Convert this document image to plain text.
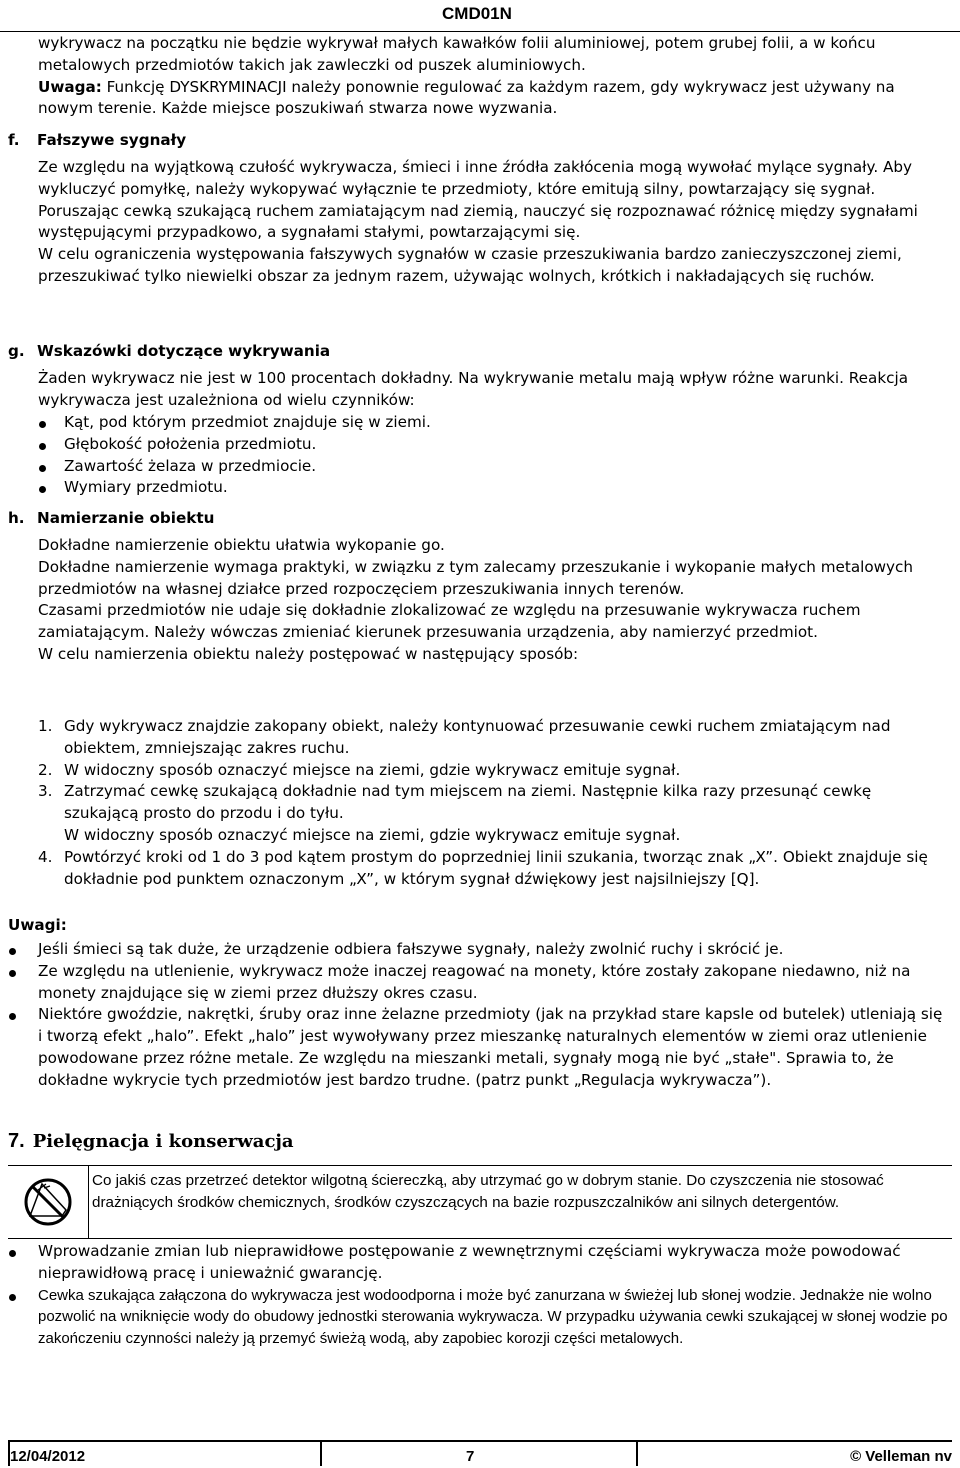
CMD01N

wykrywacz na początku nie będzie wykrywał małych kawałków folii aluminiowej, potem grubej folii, a w końcu metalowych przedmiotów takich jak zawleczki od puszek aluminiowych.

Uwaga: Funkcję DYSKRYMINACJI należy ponownie regulować za każdym razem, gdy wykrywacz jest używany na nowym terenie. Każde miejsce poszukiwań stwarza nowe wyzwania.

f. Fałszywe sygnały

Ze względu na wyjątkową czułość wykrywacza, śmieci i inne źródła zakłócenia mogą wywołać mylące sygnały. Aby wykluczyć pomyłkę, należy wykopywać wyłącznie te przedmioty, które emitują silny, powtarzający się sygnał. Poruszając cewką szukającą ruchem zamiatającym nad ziemią, nauczyć się rozpoznawać różnicę między sygnałami występującymi przypadkowo, a sygnałami stałymi, powtarzającymi się.

W celu ograniczenia występowania fałszywych sygnałów w czasie przeszukiwania bardzo zanieczyszczonej ziemi, przeszukiwać tylko niewielki obszar za jednym razem, używając wolnych, krótkich i nakładających się ruchów.

g. Wskazówki dotyczące wykrywania

Żaden wykrywacz nie jest w 100 procentach dokładny. Na wykrywanie metalu mają wpływ różne warunki. Reakcja wykrywacza jest uzależniona od wielu czynników:

Kąt, pod którym przedmiot znajduje się w ziemi.
Głębokość położenia przedmiotu.
Zawartość żelaza w przedmiocie.
Wymiary przedmiotu.
h. Namierzanie obiektu

Dokładne namierzenie obiektu ułatwia wykopanie go.

Dokładne namierzenie wymaga praktyki, w związku z tym zalecamy przeszukanie i wykopanie małych metalowych przedmiotów na własnej działce przed rozpoczęciem przeszukiwania innych terenów.

Czasami przedmiotów nie udaje się dokładnie zlokalizować ze względu na przesuwanie wykrywacza ruchem zamiatającym. Należy wówczas zmieniać kierunek przesuwania urządzenia, aby namierzyć przedmiot.

W celu namierzenia obiektu należy postępować w następujący sposób:

1. Gdy wykrywacz znajdzie zakopany obiekt, należy kontynuować przesuwanie cewki ruchem zmiatającym nad obiektem, zmniejszając zakres ruchu.
2. W widoczny sposób oznaczyć miejsce na ziemi, gdzie wykrywacz emituje sygnał.
3. Zatrzymać cewkę szukającą dokładnie nad tym miejscem na ziemi. Następnie kilka razy przesunąć cewkę szukającą prosto do przodu i do tyłu.
W widoczny sposób oznaczyć miejsce na ziemi, gdzie wykrywacz emituje sygnał.
4. Powtórzyć kroki od 1 do 3 pod kątem prostym do poprzedniej linii szukania, tworząc znak „X”. Obiekt znajduje się dokładnie pod punktem oznaczonym „X”, w którym sygnał dźwiękowy jest najsilniejszy [Q].
Uwagi:
Jeśli śmieci są tak duże, że urządzenie odbiera fałszywe sygnały, należy zwolnić ruchy i skrócić je.
Ze względu na utlenienie, wykrywacz może inaczej reagować na monety, które zostały zakopane niedawno, niż na monety znajdujące się w ziemi przez dłuższy okres czasu.
Niektóre gwoździe, nakrętki, śruby oraz inne żelazne przedmioty (jak na przykład stare kapsle od butelek) utleniają się i tworzą efekt „halo”. Efekt „halo” jest wywoływany przez mieszankę naturalnych elementów w ziemi oraz utlenienie powodowane przez różne metale. Ze względu na mieszanki metali, sygnały mogą nie być „stałe". Sprawia to, że dokładne wykrycie tych przedmiotów jest bardzo trudne. (patrz punkt „Regulacja wykrywacza”).
7. Pielęgnacja i konserwacja
Co jakiś czas przetrzeć detektor wilgotną ściereczką, aby utrzymać go w dobrym stanie. Do czyszczenia nie stosować drażniących środków chemicznych, środków czyszczących na bazie rozpuszczalników ani silnych detergentów.
Wprowadzanie zmian lub nieprawidłowe postępowanie z wewnętrznymi częściami wykrywacza może powodować nieprawidłową pracę i unieważnić gwarancję.
Cewka szukająca załączona do wykrywacza jest wodoodporna i może być zanurzana w świeżej lub słonej wodzie. Jednakże nie wolno pozwolić na wniknięcie wody do obudowy jednostki sterowania wykrywacza. W przypadku używania cewki szukającej w słonej wodzie po zakończeniu czynności należy ją przemyć świeżą wodą, aby zapobiec korozji części metalowych.
12/04/2012	7	© Velleman nv
